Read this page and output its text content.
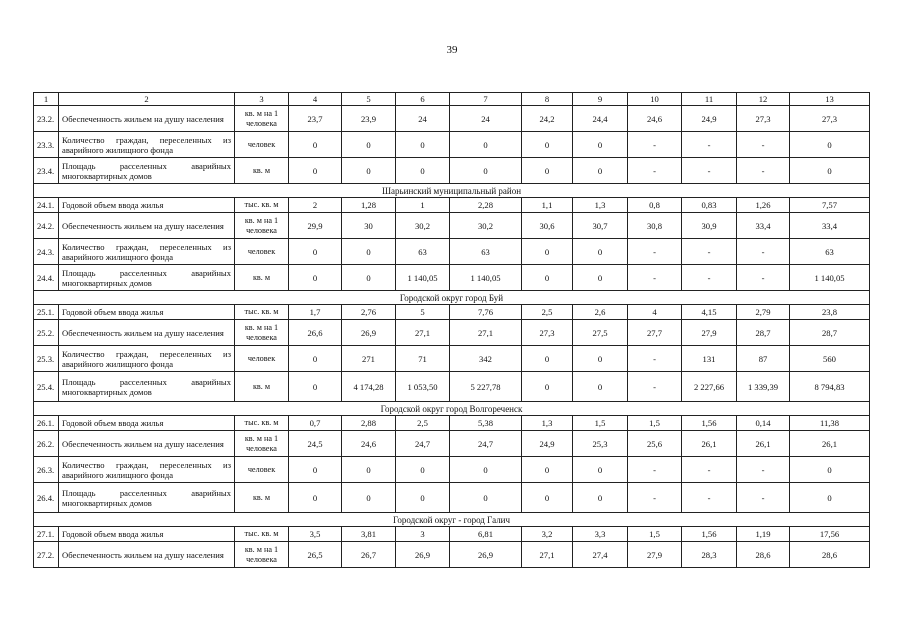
39
1	2	3	4	5	6	7	8	9	10	11	12	13
23.2.	Обеспеченность жильем на душу населения	кв. м на 1 человека	23,7	23,9	24	24	24,2	24,4	24,6	24,9	27,3	27,3
23.3.	Количество граждан, переселенных из аварийного жилищного фонда	человек	0	0	0	0	0	0	-	-	-	0
23.4.	Площадь расселенных аварийных многоквартирных домов	кв. м	0	0	0	0	0	0	-	-	-	0
Шарьинский муниципальный район												
24.1.	Годовой объем ввода жилья	тыс. кв. м	2	1,28	1	2,28	1,1	1,3	0,8	0,83	1,26	7,57
24.2.	Обеспеченность жильем на душу населения	кв. м на 1 человека	29,9	30	30,2	30,2	30,6	30,7	30,8	30,9	33,4	33,4
24.3.	Количество граждан, переселенных из аварийного жилищного фонда	человек	0	0	63	63	0	0	-	-	-	63
24.4.	Площадь расселенных аварийных многоквартирных домов	кв. м	0	0	1 140,05	1 140,05	0	0	-	-	-	1 140,05
Городской округ город Буй												
25.1.	Годовой объем ввода жилья	тыс. кв. м	1,7	2,76	5	7,76	2,5	2,6	4	4,15	2,79	23,8
25.2.	Обеспеченность жильем на душу населения	кв. м на 1 человека	26,6	26,9	27,1	27,1	27,3	27,5	27,7	27,9	28,7	28,7
25.3.	Количество граждан, переселенных из аварийного жилищного фонда	человек	0	271	71	342	0	0	-	131	87	560
25.4.	Площадь расселенных аварийных многоквартирных домов	кв. м	0	4 174,28	1 053,50	5 227,78	0	0	-	2 227,66	1 339,39	8 794,83
Городской округ город Волгореченск												
26.1.	Годовой объем ввода жилья	тыс. кв. м	0,7	2,88	2,5	5,38	1,3	1,5	1,5	1,56	0,14	11,38
26.2.	Обеспеченность жильем на душу населения	кв. м на 1 человека	24,5	24,6	24,7	24,7	24,9	25,3	25,6	26,1	26,1	26,1
26.3.	Количество граждан, переселенных из аварийного жилищного фонда	человек	0	0	0	0	0	0	-	-	-	0
26.4.	Площадь расселенных аварийных многоквартирных домов	кв. м	0	0	0	0	0	0	-	-	-	0
Городской округ - город Галич												
27.1.	Годовой объем ввода жилья	тыс. кв. м	3,5	3,81	3	6,81	3,2	3,3	1,5	1,56	1,19	17,56
27.2.	Обеспеченность жильем на душу населения	кв. м на 1 человека	26,5	26,7	26,9	26,9	27,1	27,4	27,9	28,3	28,6	28,6
